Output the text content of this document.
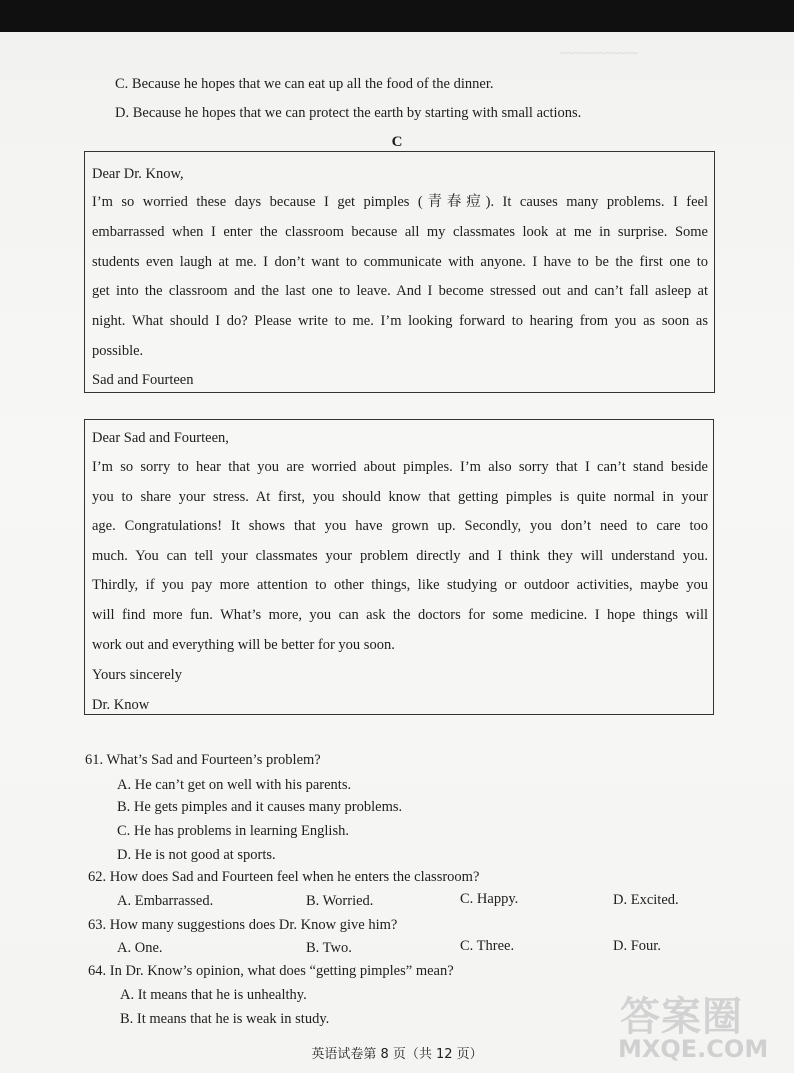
~~~~~~~~~~~~
C. Because he hopes that we can eat up all the food of the dinner.
D. Because he hopes that we can protect the earth by starting with small actions.
C
Dear Dr. Know,
I’m so worried these days because I get pimples (青春痘). It causes many problems. I feel
embarrassed when I enter the classroom because all my classmates look at me in surprise. Some
students even laugh at me. I don’t want to communicate with anyone. I have to be the first one to
get into the classroom and the last one to leave. And I become stressed out and can’t fall asleep at
night. What should I do? Please write to me. I’m looking forward to hearing from you as soon as
possible.
Sad and Fourteen
Dear Sad and Fourteen,
I’m so sorry to hear that you are worried about pimples. I’m also sorry that I can’t stand beside
you to share your stress. At first, you should know that getting pimples is quite normal in your
age. Congratulations! It shows that you have grown up. Secondly, you don’t need to care too
much. You can tell your classmates your problem directly and I think they will understand you.
Thirdly, if you pay more attention to other things, like studying or outdoor activities, maybe you
will find more fun. What’s more, you can ask the doctors for some medicine. I hope things will
work out and everything will be better for you soon.
Yours sincerely
Dr. Know
61. What’s Sad and Fourteen’s problem?
A. He can’t get on well with his parents.
B. He gets pimples and it causes many problems.
C. He has problems in learning English.
D. He is not good at sports.
62. How does Sad and Fourteen feel when he enters the classroom?
A. Embarrassed.	B. Worried.	C. Happy.	D. Excited.
63. How many suggestions does Dr. Know give him?
A. One.	B. Two.	C. Three.	D. Four.
64. In Dr. Know’s opinion, what does “getting pimples” mean?
A. It means that he is unhealthy.
B. It means that he is weak in study.
英语试卷第 8 页（共 12 页）
答案圈
MXQE.COM
